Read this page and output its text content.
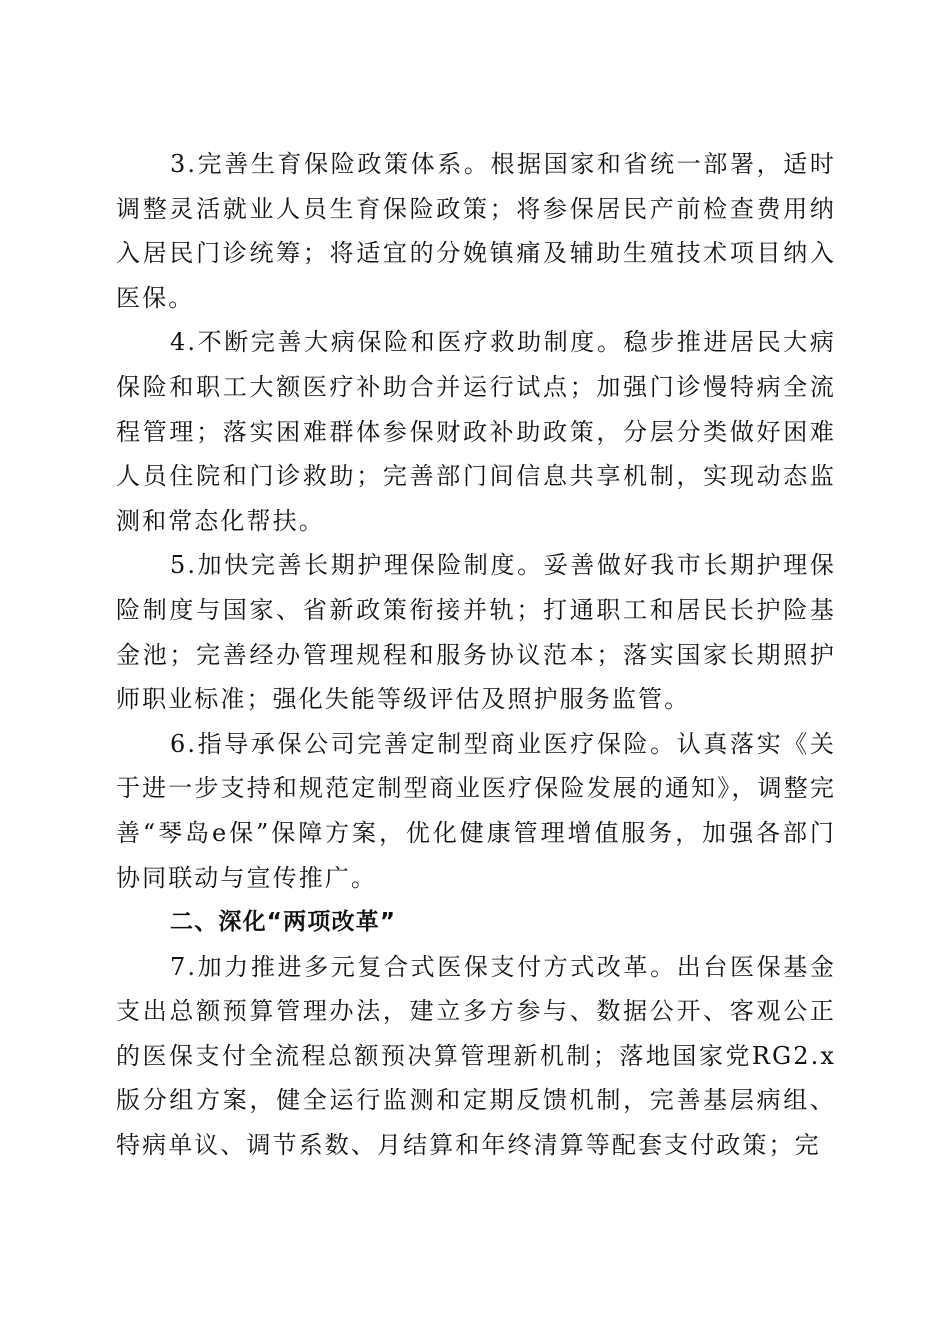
3.完善生育保险政策体系。根据国家和省统一部署，适时调整灵活就业人员生育保险政策；将参保居民产前检查费用纳入居民门诊统筹；将适宜的分娩镇痛及辅助生殖技术项目纳入医保。

4.不断完善大病保险和医疗救助制度。稳步推进居民大病保险和职工大额医疗补助合并运行试点；加强门诊慢特病全流程管理；落实困难群体参保财政补助政策，分层分类做好困难人员住院和门诊救助；完善部门间信息共享机制，实现动态监测和常态化帮扶。

5.加快完善长期护理保险制度。妥善做好我市长期护理保险制度与国家、省新政策衔接并轨；打通职工和居民长护险基金池；完善经办管理规程和服务协议范本；落实国家长期照护师职业标准；强化失能等级评估及照护服务监管。

6.指导承保公司完善定制型商业医疗保险。认真落实《关于进一步支持和规范定制型商业医疗保险发展的通知》，调整完善“琴岛e保”保障方案，优化健康管理增值服务，加强各部门协同联动与宣传推广。

二、深化“两项改革”

7.加力推进多元复合式医保支付方式改革。出台医保基金支出总额预算管理办法，建立多方参与、数据公开、客观公正的医保支付全流程总额预决算管理新机制；落地国家党RG2.x版分组方案，健全运行监测和定期反馈机制，完善基层病组、特病单议、调节系数、月结算和年终清算等配套支付政策；完
